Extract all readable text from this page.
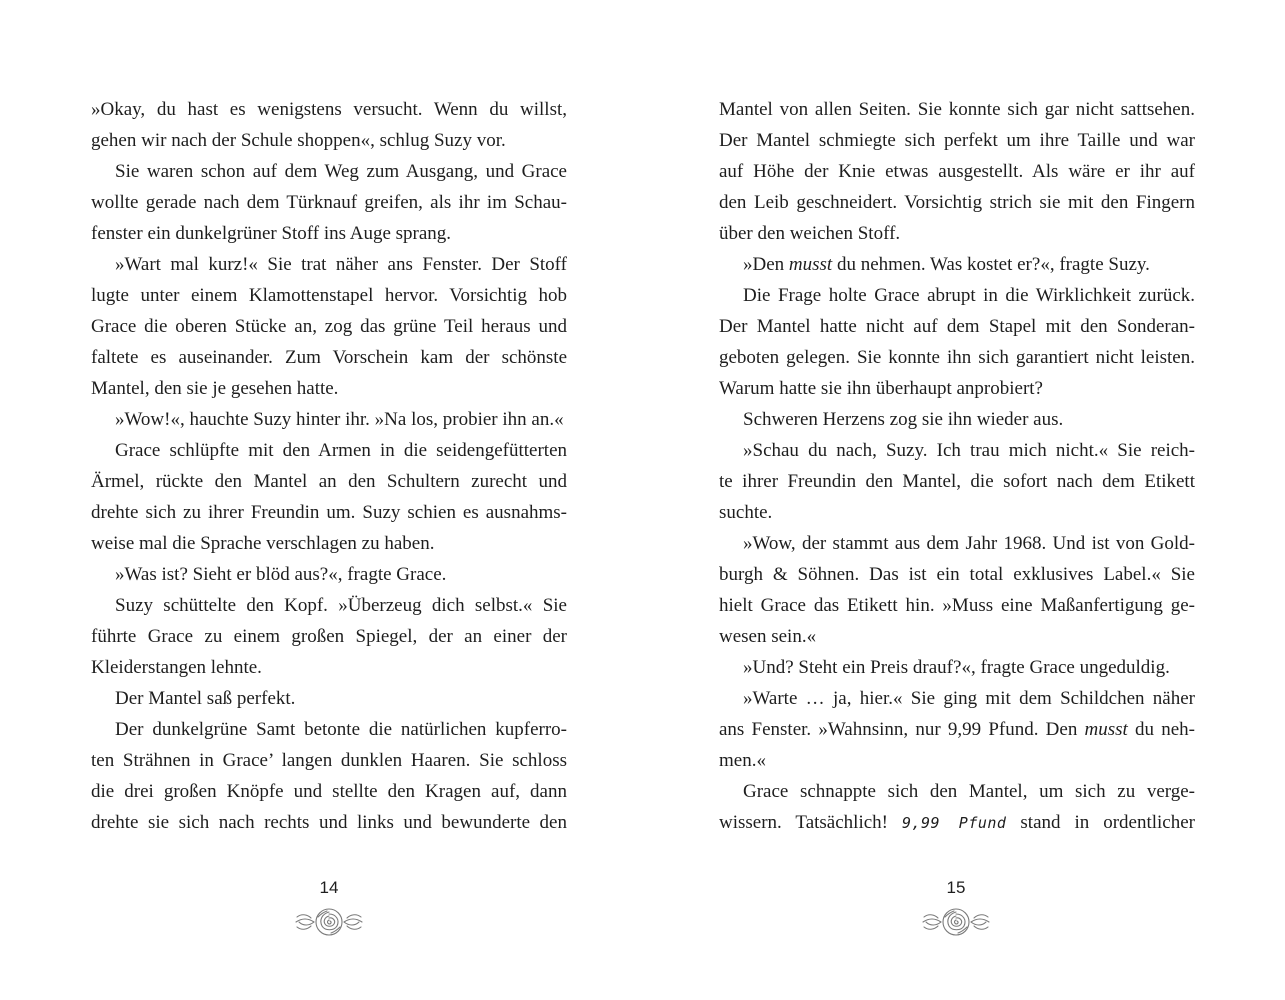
»Okay, du hast es wenigstens versucht. Wenn du willst,
gehen wir nach der Schule shoppen«, schlug Suzy vor.
Sie waren schon auf dem Weg zum Ausgang, und Grace
wollte gerade nach dem Türknauf greifen, als ihr im Schau-
fenster ein dunkelgrüner Stoff ins Auge sprang.
»Wart mal kurz!« Sie trat näher ans Fenster. Der Stoff
lugte unter einem Klamottenstapel hervor. Vorsichtig hob
Grace die oberen Stücke an, zog das grüne Teil heraus und
faltete es auseinander. Zum Vorschein kam der schönste
Mantel, den sie je gesehen hatte.
»Wow!«, hauchte Suzy hinter ihr. »Na los, probier ihn an.«
Grace schlüpfte mit den Armen in die seidengefütterten
Ärmel, rückte den Mantel an den Schultern zurecht und
drehte sich zu ihrer Freundin um. Suzy schien es ausnahms-
weise mal die Sprache verschlagen zu haben.
»Was ist? Sieht er blöd aus?«, fragte Grace.
Suzy schüttelte den Kopf. »Überzeug dich selbst.« Sie
führte Grace zu einem großen Spiegel, der an einer der
Kleiderstangen lehnte.
Der Mantel saß perfekt.
Der dunkelgrüne Samt betonte die natürlichen kupferro-
ten Strähnen in Grace’ langen dunklen Haaren. Sie schloss
die drei großen Knöpfe und stellte den Kragen auf, dann
drehte sie sich nach rechts und links und bewunderte den
Mantel von allen Seiten. Sie konnte sich gar nicht sattsehen.
Der Mantel schmiegte sich perfekt um ihre Taille und war
auf Höhe der Knie etwas ausgestellt. Als wäre er ihr auf
den Leib geschneidert. Vorsichtig strich sie mit den Fingern
über den weichen Stoff.
»Den musst du nehmen. Was kostet er?«, fragte Suzy.
Die Frage holte Grace abrupt in die Wirklichkeit zurück.
Der Mantel hatte nicht auf dem Stapel mit den Sonderan-
geboten gelegen. Sie konnte ihn sich garantiert nicht leisten.
Warum hatte sie ihn überhaupt anprobiert?
Schweren Herzens zog sie ihn wieder aus.
»Schau du nach, Suzy. Ich trau mich nicht.« Sie reich-
te ihrer Freundin den Mantel, die sofort nach dem Etikett
suchte.
»Wow, der stammt aus dem Jahr 1968. Und ist von Gold-
burgh & Söhnen. Das ist ein total exklusives Label.« Sie
hielt Grace das Etikett hin. »Muss eine Maßanfertigung ge-
wesen sein.«
»Und? Steht ein Preis drauf?«, fragte Grace ungeduldig.
»Warte … ja, hier.« Sie ging mit dem Schildchen näher
ans Fenster. »Wahnsinn, nur 9,99 Pfund. Den musst du neh-
men.«
Grace schnappte sich den Mantel, um sich zu verge-
wissern. Tatsächlich! 9,99 Pfund stand in ordentlicher
14	15
